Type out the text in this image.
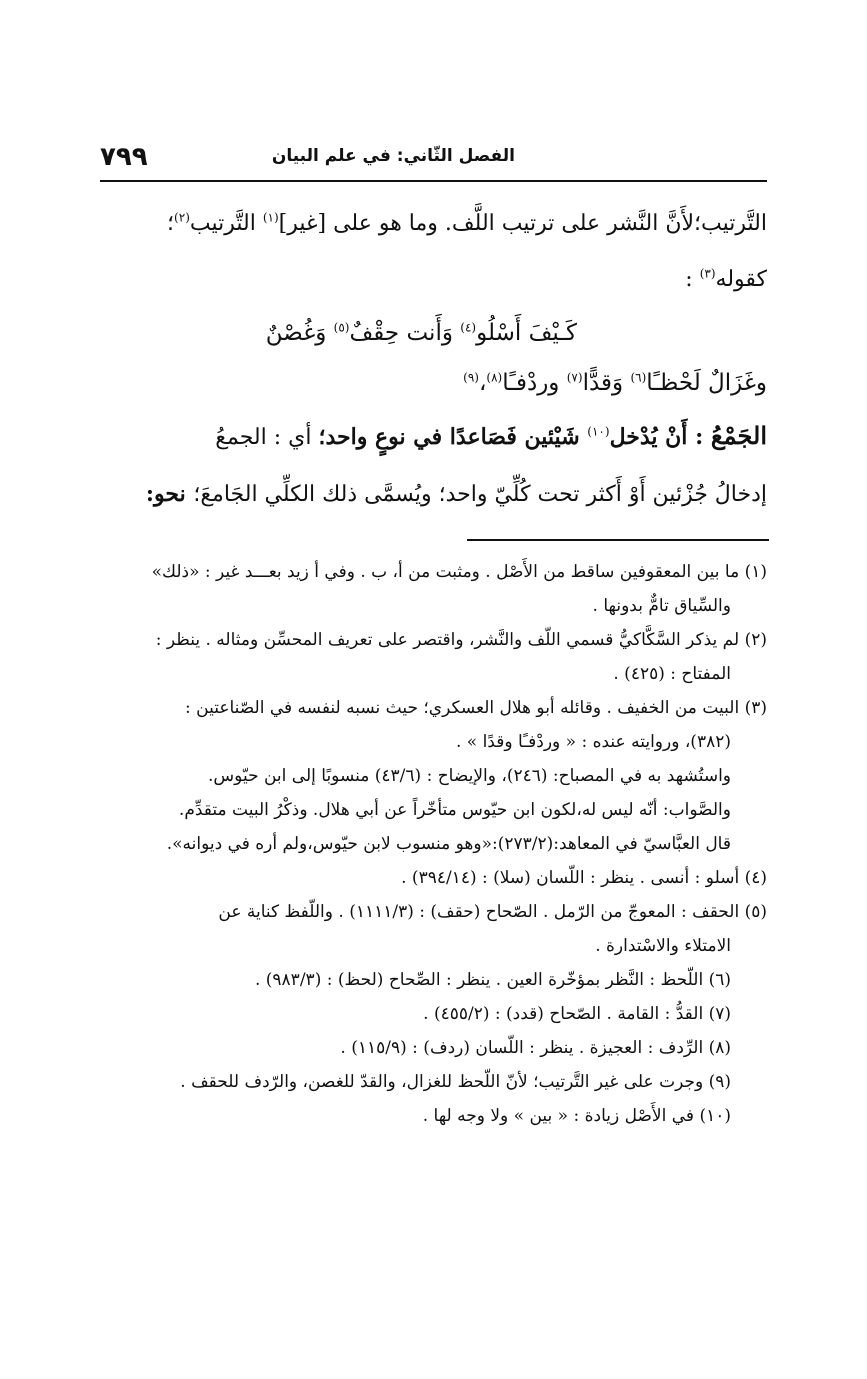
٧٩٩	الفصل الثّاني: في علم البيان

التَّرتيب؛لأَنَّ النَّشر على ترتيب اللَّف. وما هو على [غير]$^{(١)}$ التَّرتيب$^{(٢)}$؛

كقوله$^{(٣)}$ :

كَـيْفَ أَسْلُو$^{(٤)}$ وَأَنت حِقْفٌ$^{(٥)}$ وَغُصْنٌ
وغَزَالٌ لَحْظـًا$^{(٦)}$ وَقدًّا$^{(٧)}$ وردْفـًا$^{(٨)}$،$^{(٩)}$

الجَمْعُ : أَنْ يُدْخل$^{(١٠)}$ شَيْئين فَصَاعدًا في نوعٍ واحد؛ أي : الجمعُ

إدخالُ جُزْئين أَوْ أَكثر تحت كُلِّيّ واحد؛ ويُسمَّى ذلك الكلِّي الجَامعَ؛ نحو:

(١) ما بين المعقوفين ساقط من الأَصْل . ومثبت من أ، ب . وفي أ زيد بعـــد غير : «ذلك»
والسِّياق تامٌّ بدونها .

(٢) لم يذكر السَّكَّاكيُّ قسمي اللّف والنَّشر، واقتصر على تعريف المحسِّن ومثاله . ينظر :
المفتاح : (٤٢٥) .

(٣) البيت من الخفيف . وقائله أبو هلال العسكري؛ حيث نسبه لنفسه في الصّناعتين :
(٣٨٢)، وروايته عنده : « وردْفـًا وقدًا » .
واستُشهد به في المصباح: (٢٤٦)، والإيضاح : (٤٣/٦) منسوبًا إلى ابن حيّوس.
والصَّواب: أنّه ليس له،لكون ابن حيّوس متأخّراً عن أبي هلال. وذكْرُ البيت متقدِّم.
قال العبَّاسيّ في المعاهد:(٢٧٣/٢):«وهو منسوب لابن حيّوس،ولم أره في ديوانه».

(٤) أسلو : أنسى . ينظر : اللّسان (سلا) : (٣٩٤/١٤) .

(٥) الحقف : المعوجّ من الرّمل . الصّحاح (حقف) : (١١١١/٣) . واللّفظ كناية عن
الامتلاء والاسْتدارة .

(٦) اللّحظ : النَّظر بمؤخّرة العين . ينظر : الصِّحاح (لحظ) : (٩٨٣/٣) .

(٧) القدُّ : القامة . الصّحاح (قدد) : (٤٥٥/٢) .

(٨) الرِّدف : العجيزة . ينظر : اللّسان (ردف) : (١١٥/٩) .

(٩) وجرت على غير التَّرتيب؛ لأنّ اللّحظ للغزال، والقدّ للغصن، والرّدف للحقف .

(١٠) في الأَصْل زيادة : « بين » ولا وجه لها .
